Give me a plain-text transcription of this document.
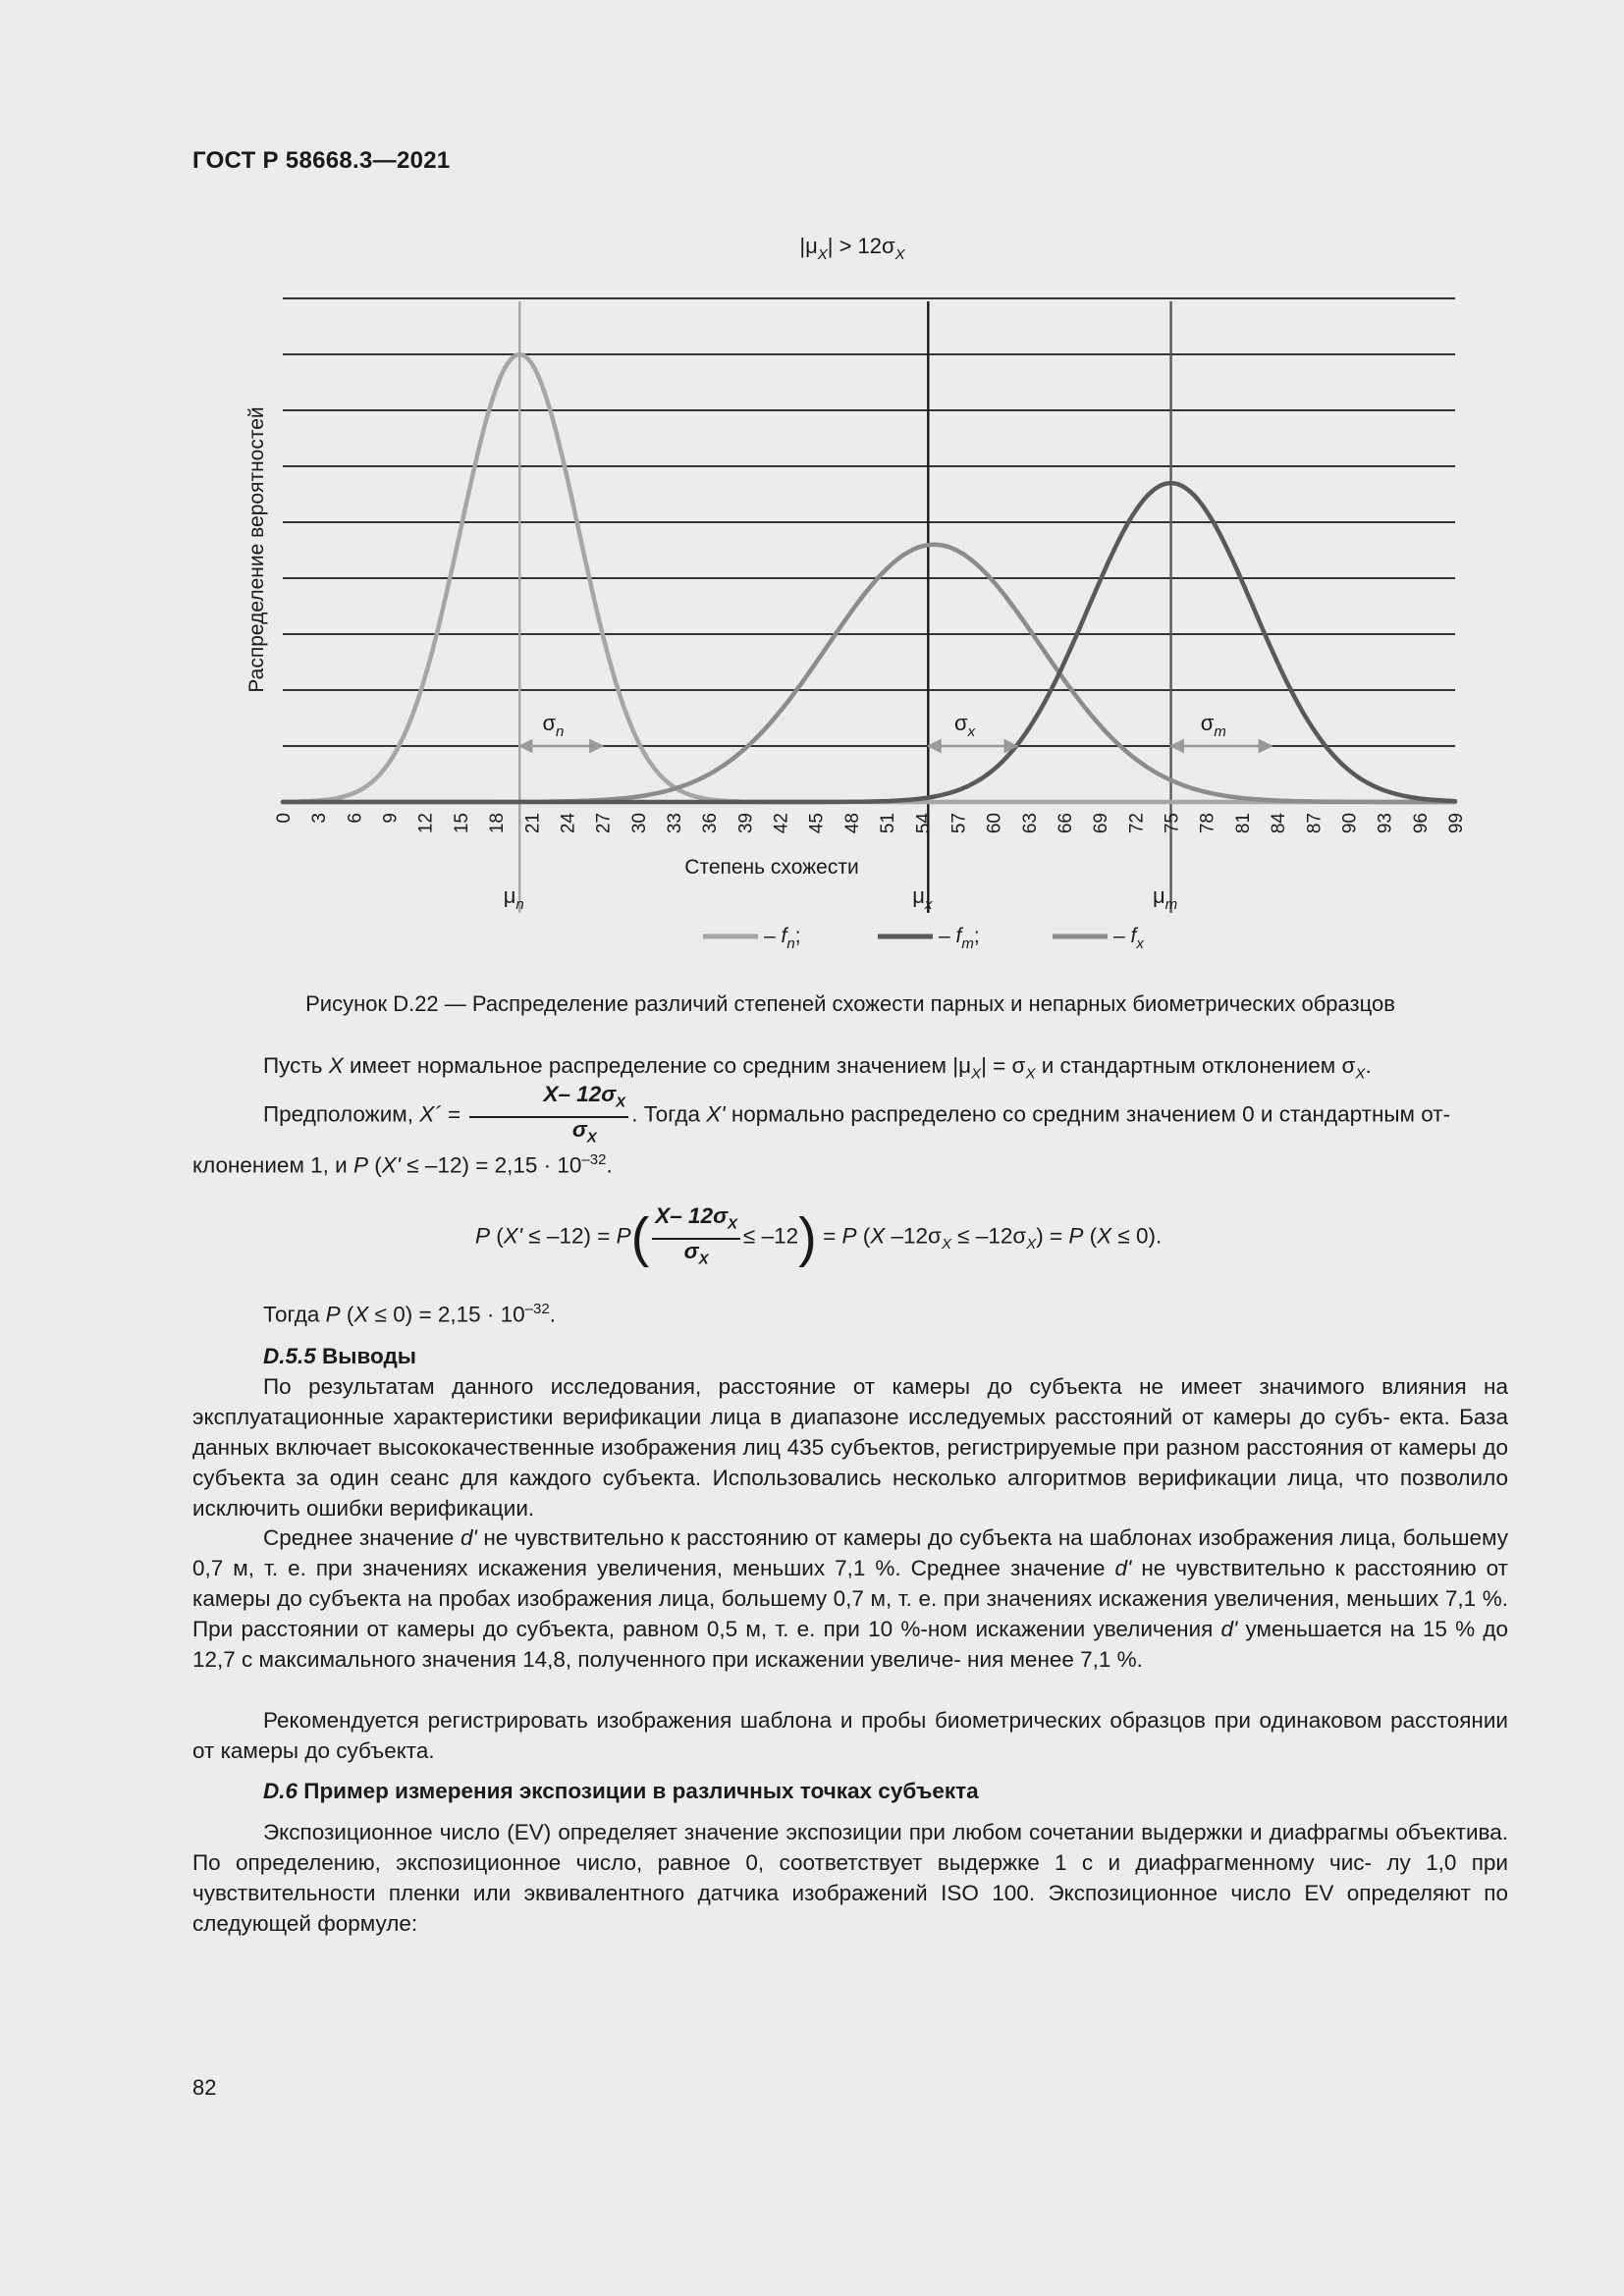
ГОСТ Р 58668.3—2021
$|\mu_X| > 12\sigma_X$
$\sigma_n$	$\sigma_x$	$\sigma_m$
0 3 6 9 12 15 18 21 24 27 30 33 36 39 42 45 48 51 54 57 60 63 66 69 72 75 78 81 84 87 90 93 96 99
Распределение вероятностей
Степень схожести
$\mu_n$	$\mu_x$	$\mu_m$
– $f_n$;	– $f_m$;	– $f_x$
Рисунок D.22 — Распределение различий степеней схожести парных и непарных биометрических образцов
Пусть X имеет нормальное распределение со средним значением $|\mu_X| = \sigma_X$ и стандартным отклонением $\sigma_X$.
Предположим, X´ = $\frac{X- 12\sigma_X}{\sigma_X}$ . Тогда X' нормально распределено со средним значением 0 и стандартным от-
клонением 1, и P $(X' \le -12) = 2,15 \cdot 10^{-32}$.
P $(X' \le -12) = P( \frac{X- 12\sigma_X}{\sigma_X} \le -12) = P$ (X $-12\sigma_X \le -12\sigma_X) = P$ (X ≤ 0).
Тогда P $(X \le 0) = 2,15 \cdot 10^{-32}$.
D.5.5 Выводы
По результатам данного исследования, расстояние от камеры до субъекта не имеет значимого влияния на эксплуатационные характеристики верификации лица в диапазоне исследуемых расстояний от камеры до субъ- екта. База данных включает высококачественные изображения лиц 435 субъектов, регистрируемые при разном расстояния от камеры до субъекта за один сеанс для каждого субъекта. Использовались несколько алгоритмов верификации лица, что позволило исключить ошибки верификации.
Среднее значение d' не чувствительно к расстоянию от камеры до субъекта на шаблонах изображения лица, большему 0,7 м, т. е. при значениях искажения увеличения, меньших 7,1 %. Среднее значение d' не чувствительно к расстоянию от камеры до субъекта на пробах изображения лица, большему 0,7 м, т. е. при значениях искажения увеличения, меньших 7,1 %. При расстоянии от камеры до субъекта, равном 0,5 м, т. е. при 10 %-ном искажении увеличения d' уменьшается на 15 % до 12,7 с максимального значения 14,8, полученного при искажении увеличе- ния менее 7,1 %.
Рекомендуется регистрировать изображения шаблона и пробы биометрических образцов при одинаковом расстоянии от камеры до субъекта.
D.6 Пример измерения экспозиции в различных точках субъекта
Экспозиционное число (EV) определяет значение экспозиции при любом сочетании выдержки и диафрагмы объектива. По определению, экспозиционное число, равное 0, соответствует выдержке 1 с и диафрагменному чис- лу 1,0 при чувствительности пленки или эквивалентного датчика изображений ISO 100. Экспозиционное число EV определяют по следующей формуле:
82
